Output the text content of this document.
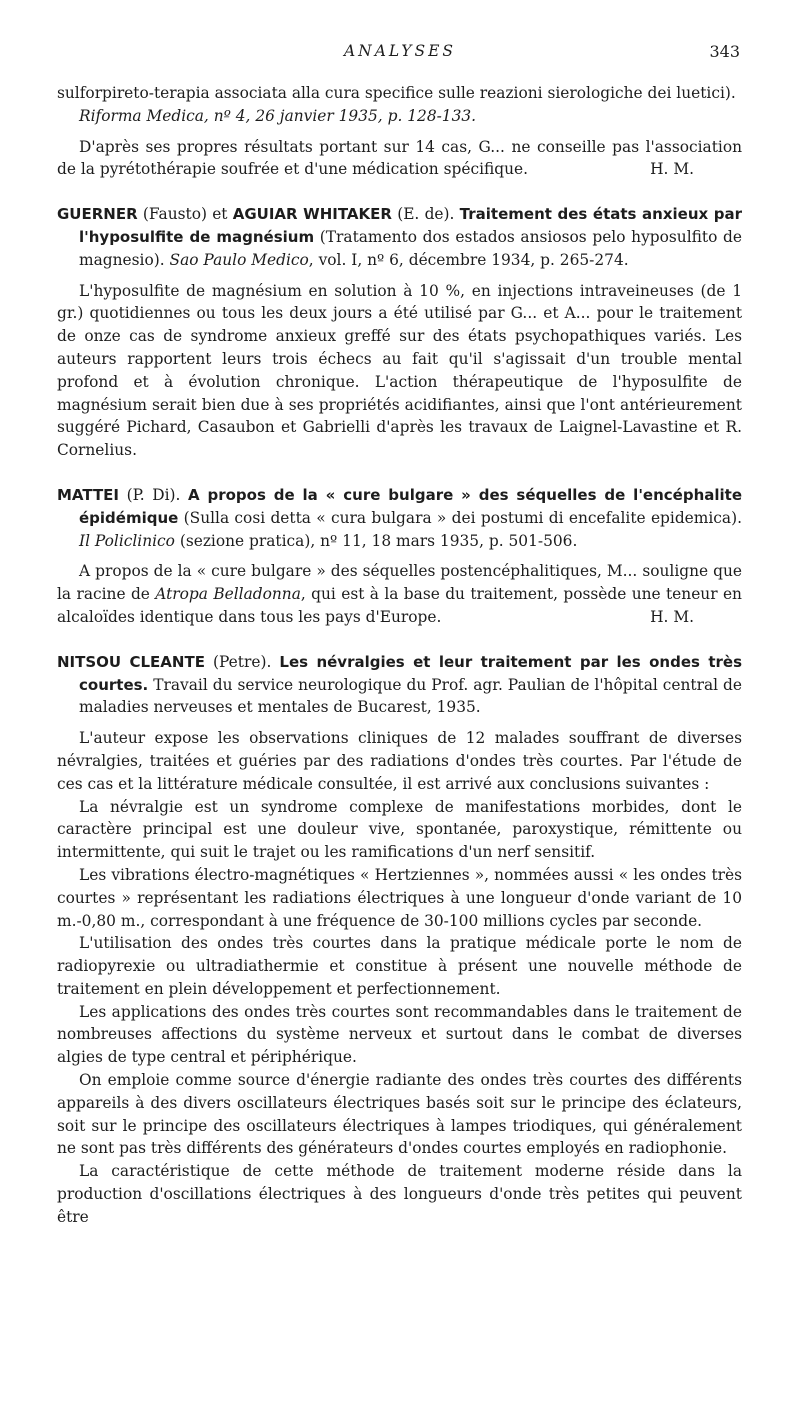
ANALYSES	343

sulforpireto-terapia associata alla cura specifice sulle reazioni sierologiche dei luetici).

Riforma Medica, nº 4, 26 janvier 1935, p. 128-133.

D'après ses propres résultats portant sur 14 cas, G... ne conseille pas l'association de la pyrétothérapie soufrée et d'une médication spécifique.	H. M.

GUERNER (Fausto) et AGUIAR WHITAKER (E. de). Traitement des états anxieux par l'hyposulfite de magnésium (Tratamento dos estados ansiosos pelo hyposulfito de magnesio). Sao Paulo Medico, vol. I, nº 6, décembre 1934, p. 265-274.

L'hyposulfite de magnésium en solution à 10 %, en injections intraveineuses (de 1 gr.) quotidiennes ou tous les deux jours a été utilisé par G... et A... pour le traitement de onze cas de syndrome anxieux greffé sur des états psychopathiques variés. Les auteurs rapportent leurs trois échecs au fait qu'il s'agissait d'un trouble mental profond et à évolution chronique. L'action thérapeutique de l'hyposulfite de magnésium serait bien due à ses propriétés acidifiantes, ainsi que l'ont antérieurement suggéré Pichard, Casaubon et Gabrielli d'après les travaux de Laignel-Lavastine et R. Cornelius.

MATTEI (P. Di). A propos de la « cure bulgare » des séquelles de l'encéphalite épidémique (Sulla cosi detta « cura bulgara » dei postumi di encefalite epidemica). Il Policlinico (sezione pratica), nº 11, 18 mars 1935, p. 501-506.

A propos de la « cure bulgare » des séquelles postencéphalitiques, M... souligne que la racine de Atropa Belladonna, qui est à la base du traitement, possède une teneur en alcaloïdes identique dans tous les pays d'Europe.	H. M.

NITSOU CLEANTE (Petre). Les névralgies et leur traitement par les ondes très courtes. Travail du service neurologique du Prof. agr. Paulian de l'hôpital central de maladies nerveuses et mentales de Bucarest, 1935.

L'auteur expose les observations cliniques de 12 malades souffrant de diverses névralgies, traitées et guéries par des radiations d'ondes très courtes. Par l'étude de ces cas et la littérature médicale consultée, il est arrivé aux conclusions suivantes :

La névralgie est un syndrome complexe de manifestations morbides, dont le caractère principal est une douleur vive, spontanée, paroxystique, rémittente ou intermittente, qui suit le trajet ou les ramifications d'un nerf sensitif.

Les vibrations électro-magnétiques « Hertziennes », nommées aussi « les ondes très courtes » représentant les radiations électriques à une longueur d'onde variant de 10 m.-0,80 m., correspondant à une fréquence de 30-100 millions cycles par seconde.

L'utilisation des ondes très courtes dans la pratique médicale porte le nom de radiopyrexie ou ultradiathermie et constitue à présent une nouvelle méthode de traitement en plein développement et perfectionnement.

Les applications des ondes très courtes sont recommandables dans le traitement de nombreuses affections du système nerveux et surtout dans le combat de diverses algies de type central et périphérique.

On emploie comme source d'énergie radiante des ondes très courtes des différents appareils à des divers oscillateurs électriques basés soit sur le principe des éclateurs, soit sur le principe des oscillateurs électriques à lampes triodiques, qui généralement ne sont pas très différents des générateurs d'ondes courtes employés en radiophonie.

La caractéristique de cette méthode de traitement moderne réside dans la production d'oscillations électriques à des longueurs d'onde très petites qui peuvent être
